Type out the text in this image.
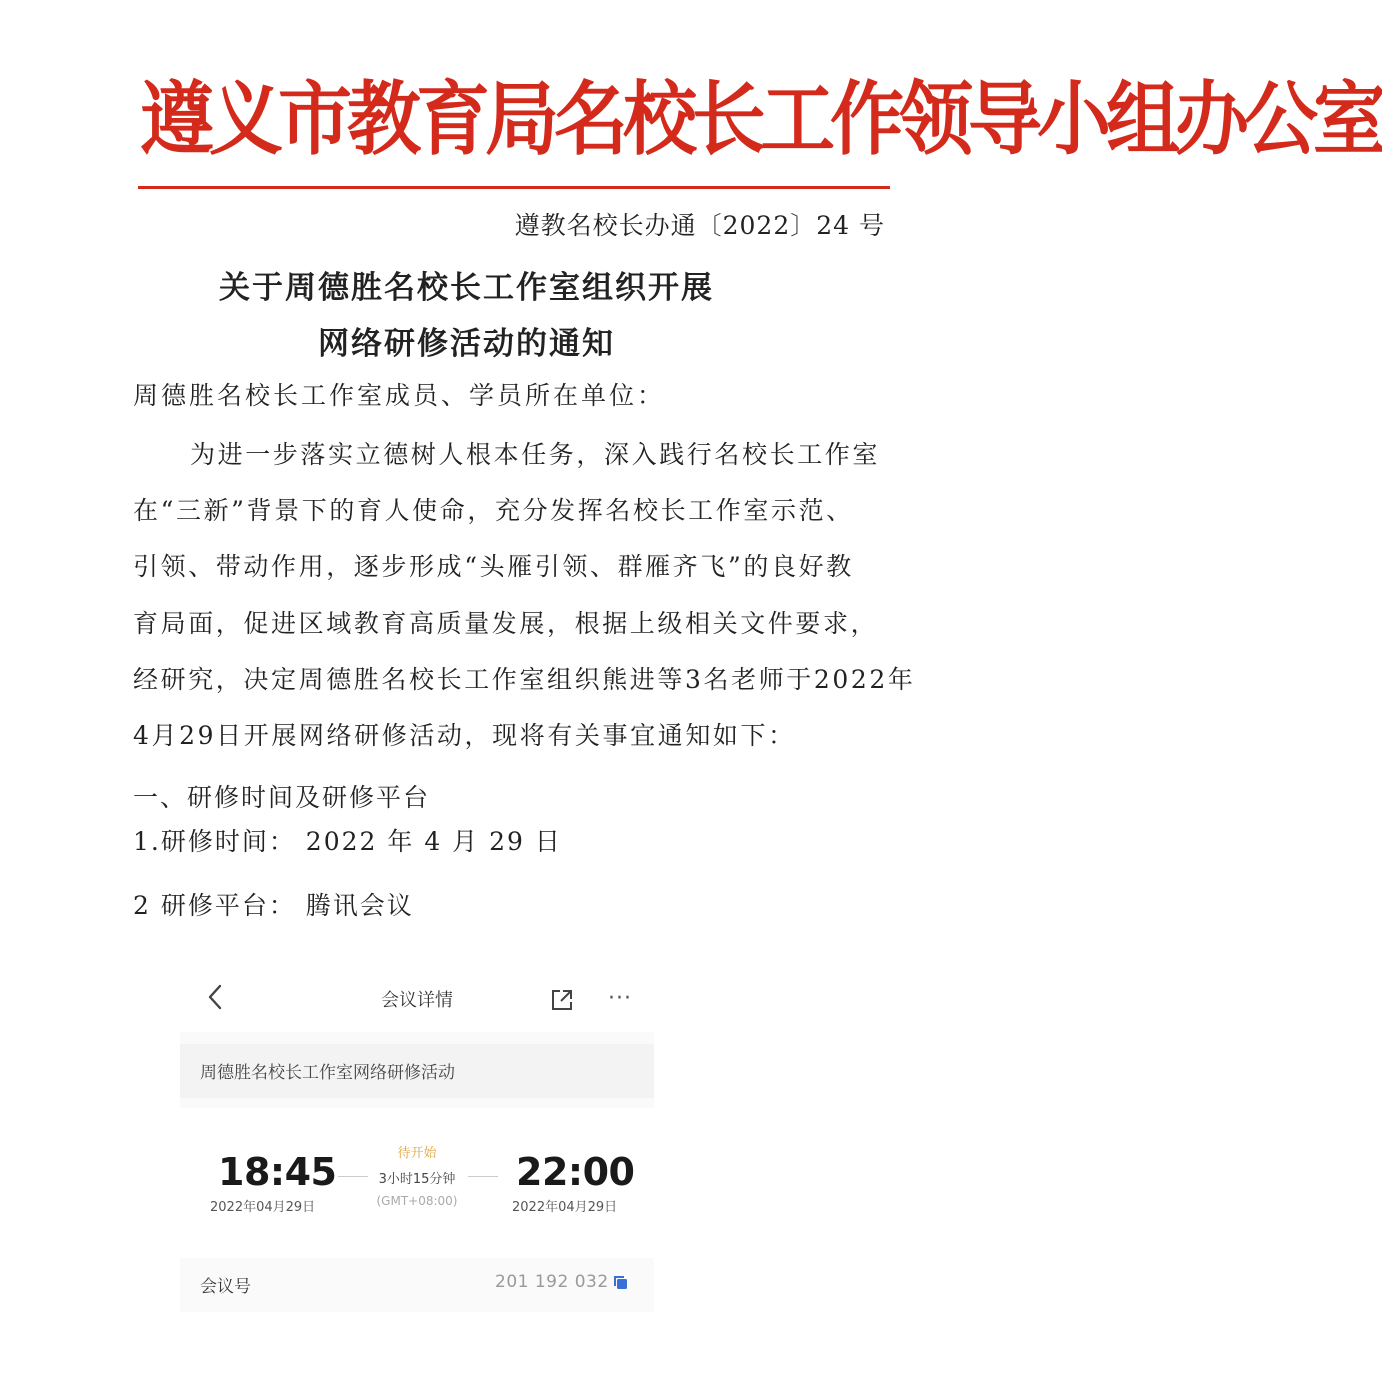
遵义市教育局名校长工作领导小组办公室
遵教名校长办通〔2022〕24 号
关于周德胜名校长工作室组织开展
网络研修活动的通知
周德胜名校长工作室成员、学员所在单位：
为进一步落实立德树人根本任务，深入践行名校长工作室
在“三新”背景下的育人使命，充分发挥名校长工作室示范、
引领、带动作用，逐步形成“头雁引领、群雁齐飞”的良好教
育局面，促进区域教育高质量发展，根据上级相关文件要求，
经研究，决定周德胜名校长工作室组织熊进等3名老师于2022年
4月29日开展网络研修活动，现将有关事宜通知如下：
一、研修时间及研修平台
1.研修时间： 2022 年 4 月 29 日
2 研修平台： 腾讯会议
会议详情	···
周德胜名校长工作室网络研修活动
18:45
2022年04月29日
待开始
3小时15分钟
(GMT+08:00)
22:00
2022年04月29日
会议号	201 192 032
